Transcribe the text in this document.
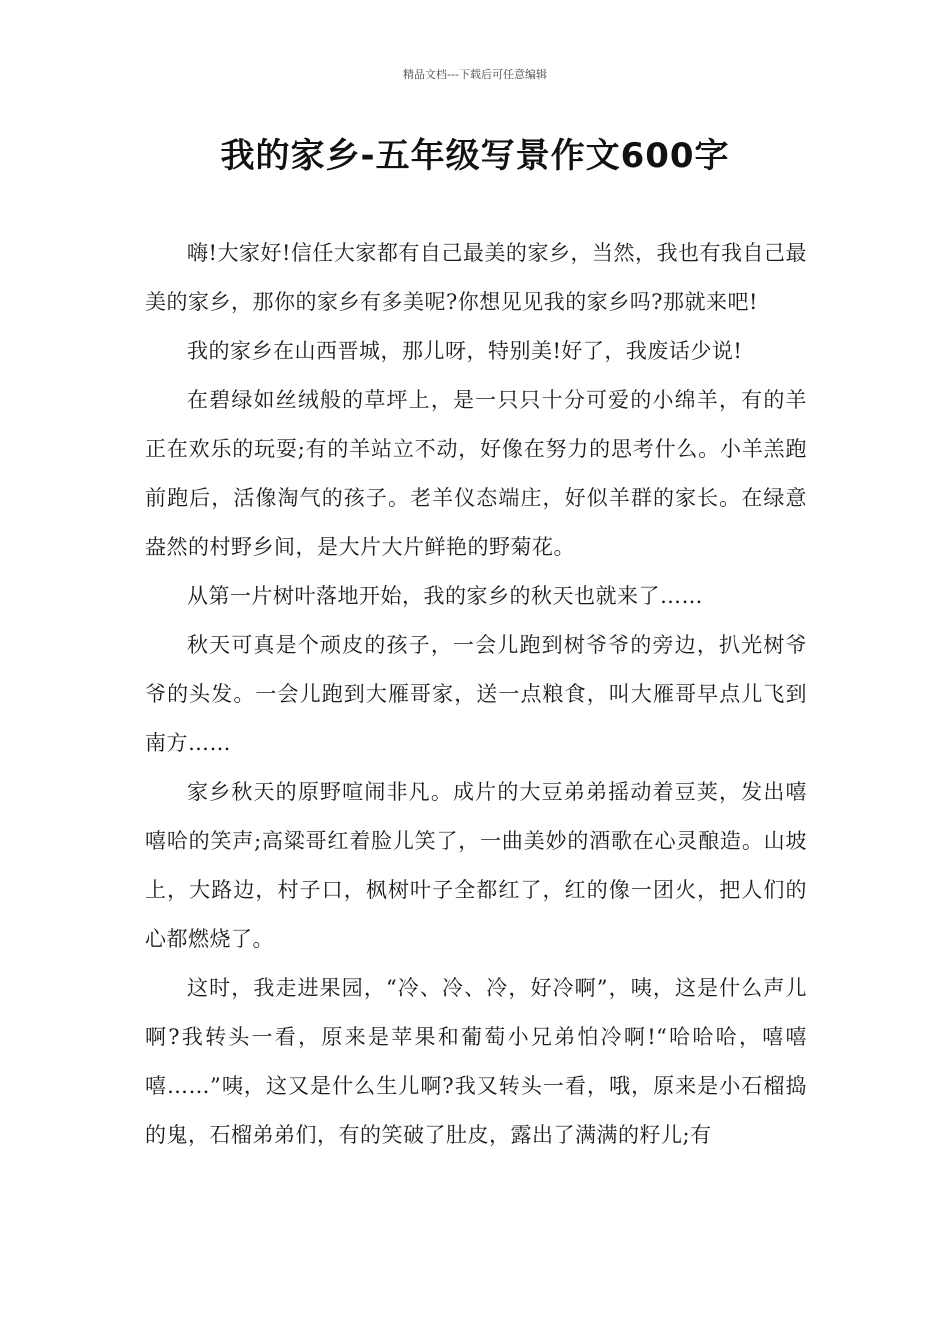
精品文档---下载后可任意编辑
我的家乡-五年级写景作文600字

嗨!大家好!信任大家都有自己最美的家乡，当然，我也有我自己最美的家乡，那你的家乡有多美呢?你想见见我的家乡吗?那就来吧!

我的家乡在山西晋城，那儿呀，特别美!好了，我废话少说!

在碧绿如丝绒般的草坪上，是一只只十分可爱的小绵羊，有的羊正在欢乐的玩耍;有的羊站立不动，好像在努力的思考什么。小羊羔跑前跑后，活像淘气的孩子。老羊仪态端庄，好似羊群的家长。在绿意盎然的村野乡间，是大片大片鲜艳的野菊花。

从第一片树叶落地开始，我的家乡的秋天也就来了……

秋天可真是个顽皮的孩子，一会儿跑到树爷爷的旁边，扒光树爷爷的头发。一会儿跑到大雁哥家，送一点粮食，叫大雁哥早点儿飞到南方……

家乡秋天的原野喧闹非凡。成片的大豆弟弟摇动着豆荚，发出嘻嘻哈的笑声;高粱哥红着脸儿笑了，一曲美妙的酒歌在心灵酿造。山坡上，大路边，村子口，枫树叶子全都红了，红的像一团火，把人们的心都燃烧了。

这时，我走进果园，“冷、冷、冷，好冷啊”，咦，这是什么声儿啊?我转头一看，原来是苹果和葡萄小兄弟怕冷啊!“哈哈哈，嘻嘻嘻……”咦，这又是什么生儿啊?我又转头一看，哦，原来是小石榴捣的鬼，石榴弟弟们，有的笑破了肚皮，露出了满满的籽儿;有
